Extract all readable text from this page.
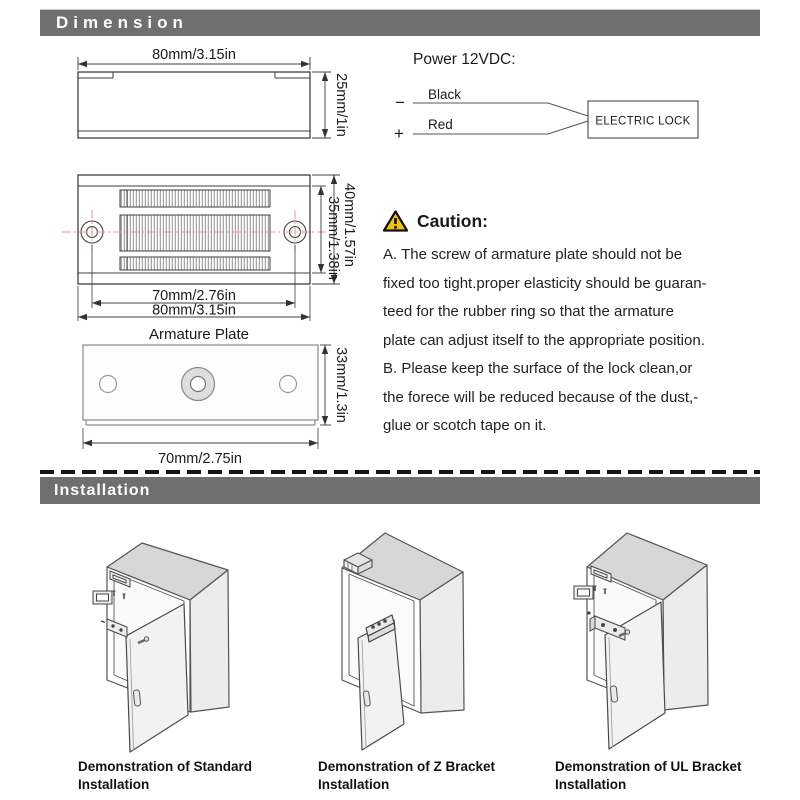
Dimension
80mm/3.15in
25mm/1in
40mm/1.57in
35mm/1.38in
70mm/2.76in
80mm/3.15in
Armature Plate
33mm/1.3in
70mm/2.75in
Power 12VDC:
− Black
+ Red	ELECTRIC LOCK
Caution:
A. The screw of armature plate should not be
fixed too tight.proper elasticity should be guaran-
teed for the rubber ring so that the armature
plate can adjust itself to the appropriate position.
B. Please keep the surface of the lock clean,or
the forece will be reduced because of the dust,-
glue or scotch tape on it.
Installation
Demonstration of Standard
Installation
Demonstration of Z Bracket
Installation
Demonstration of UL Bracket
Installation
